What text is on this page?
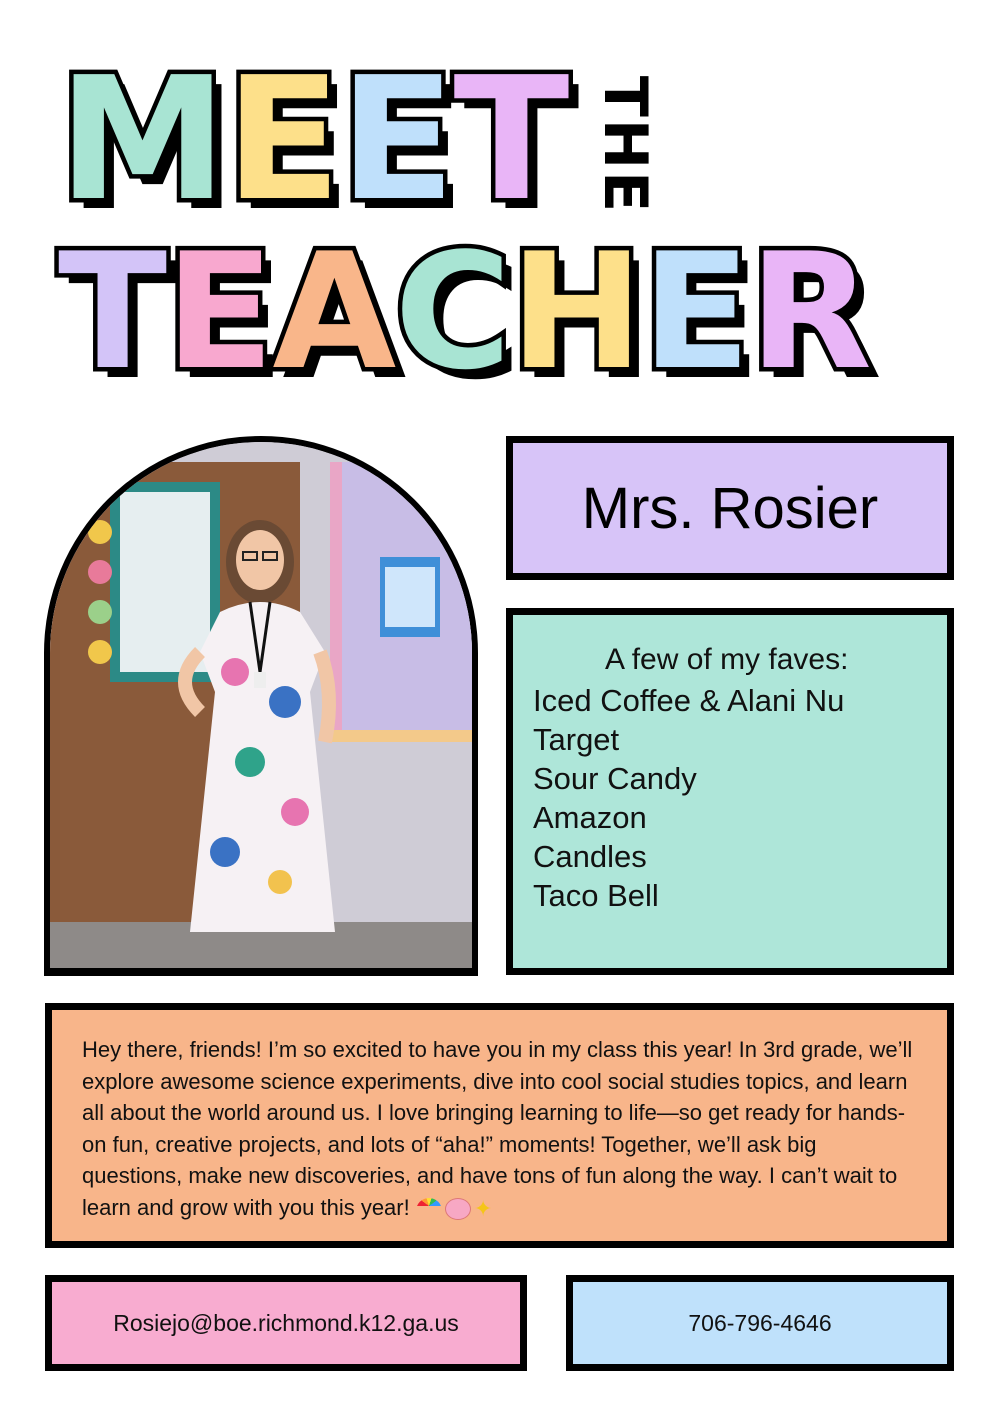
M E E T THE
T E A C H E R
Mrs. Rosier
A few of my faves:
Iced Coffee & Alani Nu
Target
Sour Candy
Amazon
Candles
Taco Bell
Hey there, friends! I’m so excited to have you in my class this year! In 3rd grade, we’ll explore awesome science experiments, dive into cool social studies topics, and learn all about the world around us. I love bringing learning to life—so get ready for hands-on fun, creative projects, and lots of “aha!” moments! Together, we’ll ask big questions, make new discoveries, and have tons of fun along the way. I can’t wait to learn and grow with you this year!	✦
Rosiejo@boe.richmond.k12.ga.us	706-796-4646
